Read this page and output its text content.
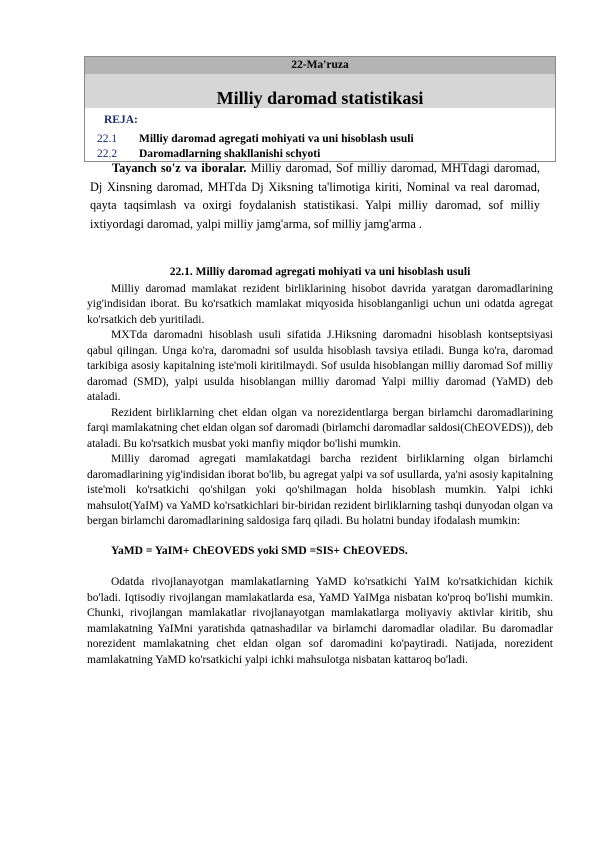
22-Ma'ruza
Milliy daromad statistikasi
REJA:
22.1 Milliy daromad agregati mohiyati va uni hisoblash usuli
22.2 Daromadlarning shakllanishi schyoti
Tayanch so'z va iboralar. Milliy daromad, Sof milliy daromad, MHTdagi daromad, Dj Xinsning daromad, MHTda Dj Xiksning ta'limotiga kiriti, Nominal va real daromad, qayta taqsimlash va oxirgi foydalanish statistikasi. Yalpi milliy daromad, sof milliy ixtiyordagi daromad, yalpi milliy jamg'arma, sof milliy jamg'arma .

22.1. Milliy daromad agregati mohiyati va uni hisoblash usuli

Milliy daromad mamlakat rezident birliklarining hisobot davrida yaratgan daromadlarining yig'indisidan iborat. Bu ko'rsatkich mamlakat miqyosida hisoblanganligi uchun uni odatda agregat ko'rsatkich deb yuritiladi.

MXTda daromadni hisoblash usuli sifatida J.Hiksning daromadni hisoblash kontseptsiyasi qabul qilingan. Unga ko'ra, daromadni sof usulda hisoblash tavsiya etiladi. Bunga ko'ra, daromad tarkibiga asosiy kapitalning iste'moli kiritilmaydi. Sof usulda hisoblangan milliy daromad Sof milliy daromad (SMD), yalpi usulda hisoblangan milliy daromad Yalpi milliy daromad (YaMD) deb ataladi.

Rezident birliklarning chet eldan olgan va norezidentlarga bergan birlamchi daromadlarining farqi mamlakatning chet eldan olgan sof daromadi (birlamchi daromadlar saldosi(ChEOVEDS)), deb ataladi. Bu ko'rsatkich musbat yoki manfiy miqdor bo'lishi mumkin.

Milliy daromad agregati mamlakatdagi barcha rezident birliklarning olgan birlamchi daromadlarining yig'indisidan iborat bo'lib, bu agregat yalpi va sof usullarda, ya'ni asosiy kapitalning iste'moli ko'rsatkichi qo'shilgan yoki qo'shilmagan holda hisoblash mumkin. Yalpi ichki mahsulot(YaIM) va YaMD ko'rsatkichlari bir-biridan rezident birliklarning tashqi dunyodan olgan va bergan birlamchi daromadlarining saldosiga farq qiladi. Bu holatni bunday ifodalash mumkin:

YaMD = YaIM+ ChEOVEDS yoki SMD =SIS+ ChEOVEDS.

Odatda rivojlanayotgan mamlakatlarning YaMD ko'rsatkichi YaIM ko'rsatkichidan kichik bo'ladi. Iqtisodiy rivojlangan mamlakatlarda esa, YaMD YaIMga nisbatan ko'proq bo'lishi mumkin. Chunki, rivojlangan mamlakatlar rivojlanayotgan mamlakatlarga moliyaviy aktivlar kiritib, shu mamlakatning YaIMni yaratishda qatnashadilar va birlamchi daromadlar oladilar. Bu daromadlar norezident mamlakatning chet eldan olgan sof daromadini ko'paytiradi. Natijada, norezident mamlakatning YaMD ko'rsatkichi yalpi ichki mahsulotga nisbatan kattaroq bo'ladi.
